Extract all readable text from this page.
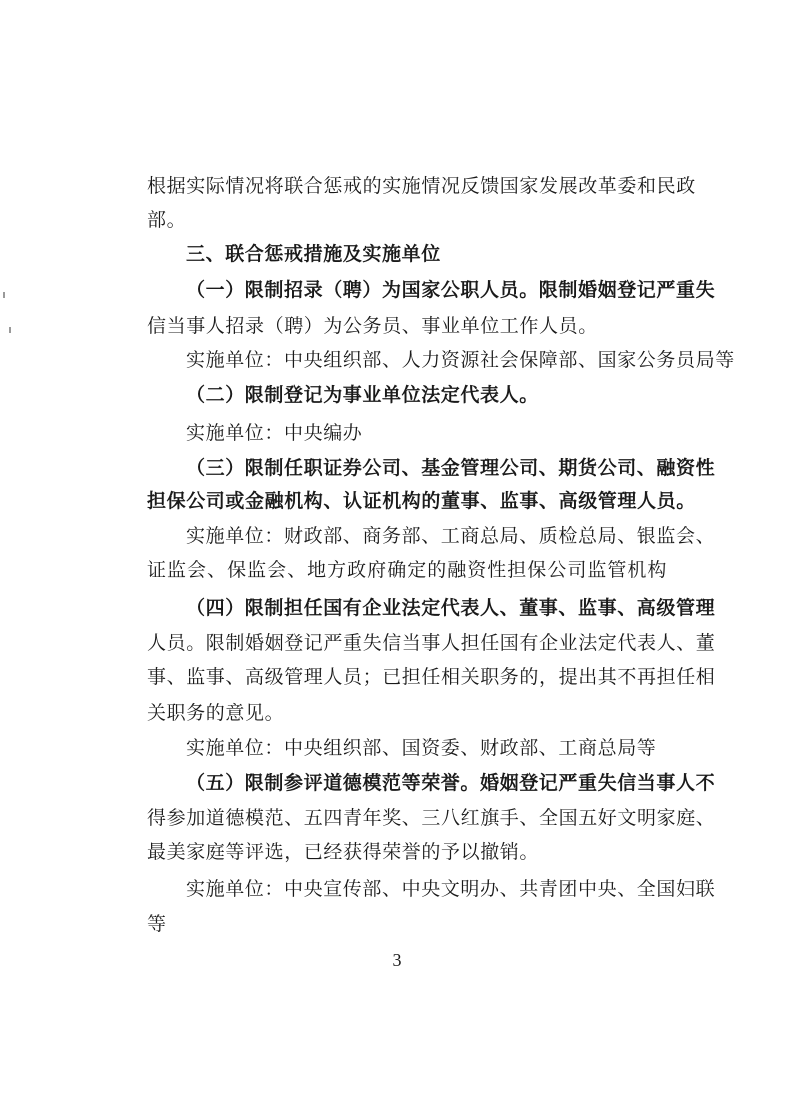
根据实际情况将联合惩戒的实施情况反馈国家发展改革委和民政
部。
三、联合惩戒措施及实施单位
（一）限制招录（聘）为国家公职人员。限制婚姻登记严重失
信当事人招录（聘）为公务员、事业单位工作人员。
实施单位：中央组织部、人力资源社会保障部、国家公务员局等
（二）限制登记为事业单位法定代表人。
实施单位：中央编办
（三）限制任职证券公司、基金管理公司、期货公司、融资性
担保公司或金融机构、认证机构的董事、监事、高级管理人员。
实施单位：财政部、商务部、工商总局、质检总局、银监会、
证监会、保监会、地方政府确定的融资性担保公司监管机构
（四）限制担任国有企业法定代表人、董事、监事、高级管理
人员。限制婚姻登记严重失信当事人担任国有企业法定代表人、董
事、监事、高级管理人员；已担任相关职务的，提出其不再担任相
关职务的意见。
实施单位：中央组织部、国资委、财政部、工商总局等
（五）限制参评道德模范等荣誉。婚姻登记严重失信当事人不
得参加道德模范、五四青年奖、三八红旗手、全国五好文明家庭、
最美家庭等评选，已经获得荣誉的予以撤销。
实施单位：中央宣传部、中央文明办、共青团中央、全国妇联
等
3
